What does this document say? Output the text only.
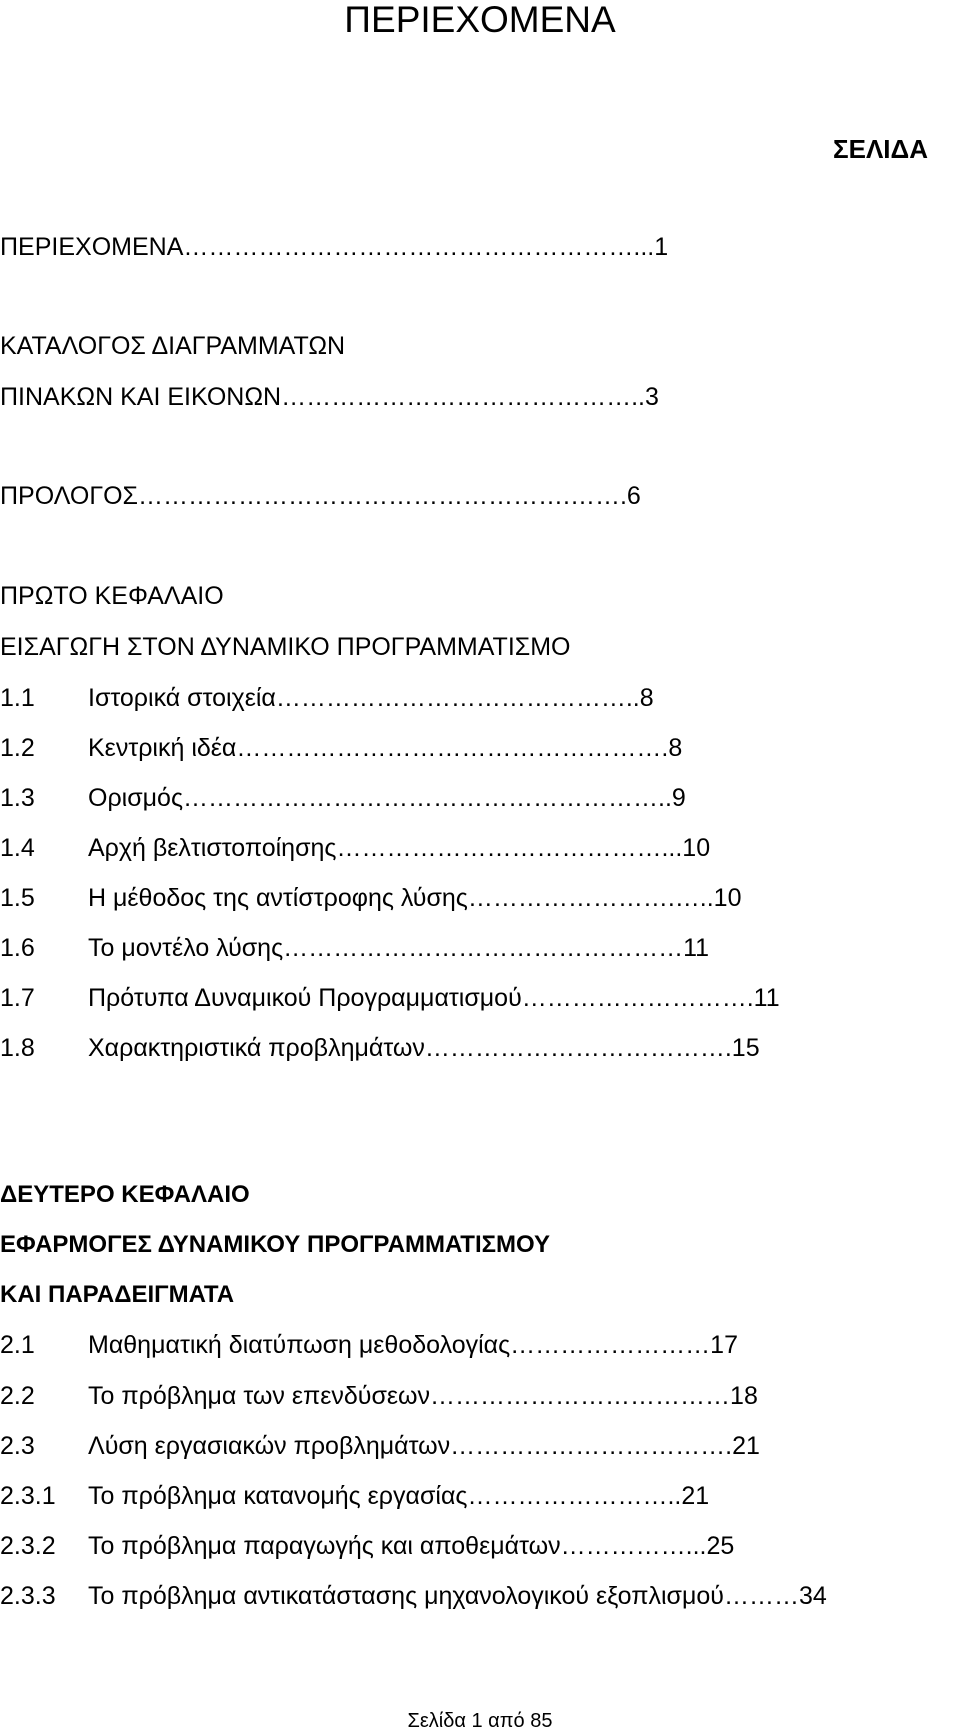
ΠΕΡΙΕΧΟΜΕΝΑ
ΣΕΛΙΔΑ
ΠΕΡΙΕΧΟΜΕΝΑ………………………………………………...1
ΚΑΤΑΛΟΓΟΣ ΔΙΑΓΡΑΜΜΑΤΩΝ
ΠΙΝΑΚΩΝ ΚΑΙ ΕΙΚΟΝΩΝ……………………………………..3
ΠΡΟΛΟΓΟΣ…………………………………………….…….6
ΠΡΩΤΟ ΚΕΦΑΛΑΙΟ
ΕΙΣΑΓΩΓΗ ΣΤΟΝ ΔΥΝΑΜΙΚΟ ΠΡΟΓΡΑΜΜΑΤΙΣΜΟ
1.1 Ιστορικά στοιχεία……………………………………..8
1.2 Κεντρική ιδέα…………………………………………….8
1.3 Ορισμός…………………………………………………..9
1.4 Αρχή βελτιστοποίησης…………………………………...10
1.5 Η μέθοδος της αντίστροφης λύσης…………………….…..10
1.6 Το μοντέλο λύσης…………………………………………11
1.7 Πρότυπα Δυναμικού Προγραμματισμού……………………….11
1.8 Χαρακτηριστικά προβλημάτων……………………………….15
ΔΕΥΤΕΡΟ ΚΕΦΑΛΑΙΟ
ΕΦΑΡΜΟΓΕΣ ΔΥΝΑΜΙΚΟΥ ΠΡΟΓΡΑΜΜΑΤΙΣΜΟΥ
ΚΑΙ ΠΑΡΑΔΕΙΓΜΑΤΑ
2.1 Μαθηματική διατύπωση μεθοδολογίας……………………17
2.2 Το πρόβλημα των επενδύσεων………………………………18
2.3 Λύση εργασιακών προβλημάτων…………………………….21
2.3.1 Το πρόβλημα κατανομής εργασίας……………………..21
2.3.2 Το πρόβλημα παραγωγής και αποθεμάτων……………...25
2.3.3 Το πρόβλημα αντικατάστασης μηχανολογικού εξοπλισμού………34
Σελίδα 1 από 85
